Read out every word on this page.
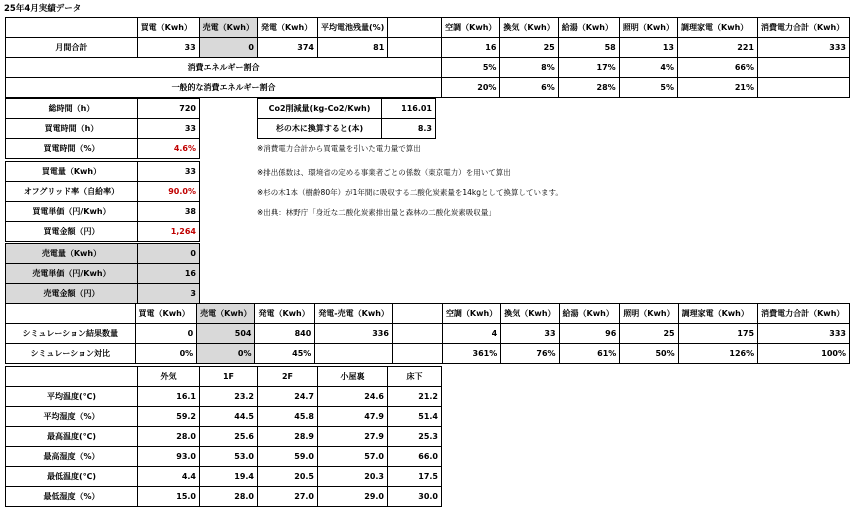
25年4月実績データ
	買電（Kwh）	売電（Kwh）	発電（Kwh）	平均電池残量(%)		空調（Kwh）	換気（Kwh）	給湯（Kwh）	照明（Kwh）	調理家電（Kwh）	消費電力合計（Kwh）
月間合計	33	0	374	81		16	25	58	13	221	333
消費エネルギー割合						5%	8%	17%	4%	66%	
一般的な消費エネルギー割合						20%	6%	28%	5%	21%	
総時間（h）	720
買電時間（h）	33
買電時間（%）	4.6%
Co2削減量(kg-Co2/Kwh)	116.01
杉の木に換算すると(本)	8.3
買電量（Kwh）	33
オフグリッド率（自給率）	90.0%
買電単価（円/Kwh）	38
買電金額（円）	1,264
売電量（Kwh）	0
売電単価（円/Kwh）	16
売電金額（円）	3
※消費電力合計から買電量を引いた電力量で算出
※排出係数は、環境省の定める事業者ごとの係数（東京電力）を用いて算出
※杉の木1本（樹齢80年）が1年間に吸収する二酸化炭素量を14kgとして換算しています。
※出典：林野庁「身近な二酸化炭素排出量と森林の二酸化炭素吸収量」
	買電（Kwh）	売電（Kwh）	発電（Kwh）	発電-売電（Kwh）		空調（Kwh）	換気（Kwh）	給湯（Kwh）	照明（Kwh）	調理家電（Kwh）	消費電力合計（Kwh）
シミュレーション結果数量	0	504	840	336		4	33	96	25	175	333
シミュレーション対比	0%	0%	45%			361%	76%	61%	50%	126%	100%
	外気	1F	2F	小屋裏	床下
平均温度(℃)	16.1	23.2	24.7	24.6	21.2
平均湿度（%）	59.2	44.5	45.8	47.9	51.4
最高温度(℃)	28.0	25.6	28.9	27.9	25.3
最高湿度（%）	93.0	53.0	59.0	57.0	66.0
最低温度(℃)	4.4	19.4	20.5	20.3	17.5
最低湿度（%）	15.0	28.0	27.0	29.0	30.0
